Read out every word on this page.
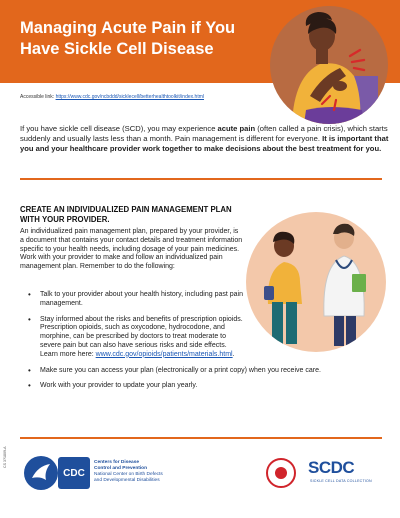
Managing Acute Pain if You Have Sickle Cell Disease
Accessible link: https://www.cdc.gov/ncbddd/sicklecell/betterhealthtoolkit/index.html
If you have sickle cell disease (SCD), you may experience acute pain (often called a pain crisis), which starts suddenly and usually lasts less than a month. Pain management is different for everyone. It is important that you and your healthcare provider work together to make decisions about the best treatment for you.
CREATE AN INDIVIDUALIZED PAIN MANAGEMENT PLAN WITH YOUR PROVIDER.
An individualized pain management plan, prepared by your provider, is a document that contains your contact details and treatment information specific to your health needs, including dosage of your pain medicines. Work with your provider to make and follow an individualized pain management plan. Remember to do the following:
• Talk to your provider about your health history, including past pain management.
• Stay informed about the risks and benefits of prescription opioids. Prescription opioids, such as oxycodone, hydrocodone, and morphine, can be prescribed by doctors to treat moderate to severe pain but can also have serious risks and side effects. Learn more here: www.cdc.gov/opioids/patients/materials.html.
• Make sure you can access your plan (electronically or a print copy) when you receive care.
• Work with your provider to update your plan yearly.
CDC
Centers for Disease
Control and Prevention
National Center on Birth Defects
and Developmental Disabilities
SCDC
SICKLE CELL DATA COLLECTION
CS 3?1809-A
